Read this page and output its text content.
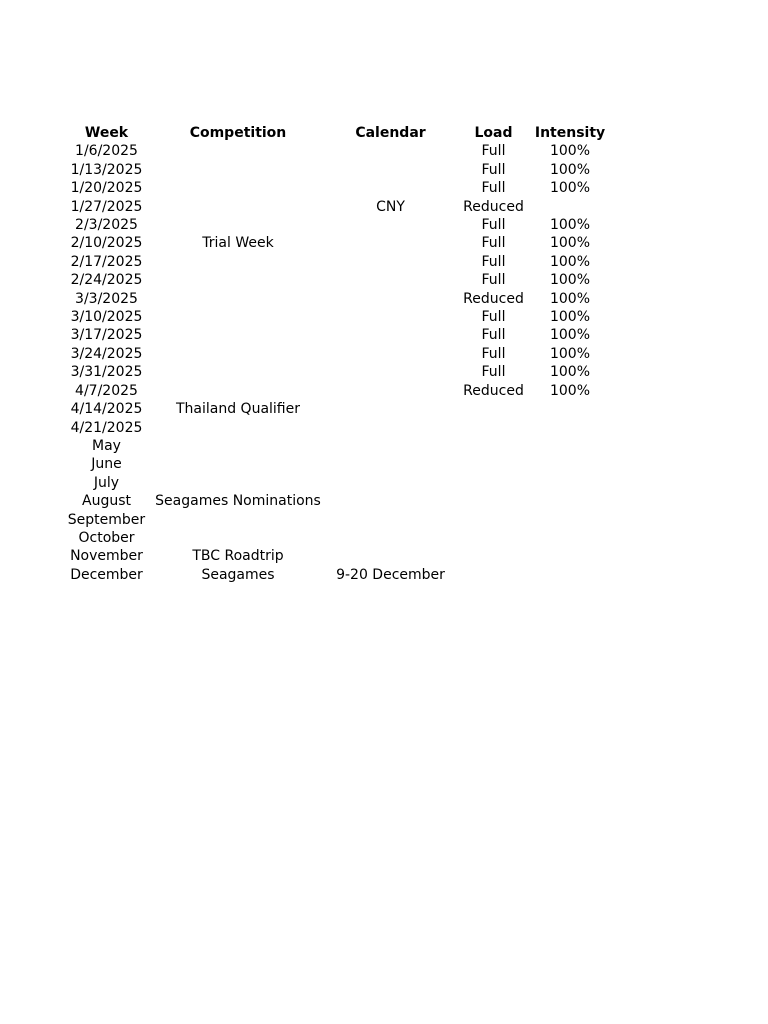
Week	Competition	Calendar	Load	Intensity
1/6/2025			Full	100%
1/13/2025			Full	100%
1/20/2025			Full	100%
1/27/2025		CNY	Reduced	
2/3/2025			Full	100%
2/10/2025	Trial Week		Full	100%
2/17/2025			Full	100%
2/24/2025			Full	100%
3/3/2025			Reduced	100%
3/10/2025			Full	100%
3/17/2025			Full	100%
3/24/2025			Full	100%
3/31/2025			Full	100%
4/7/2025			Reduced	100%
4/14/2025	Thailand Qualifier			
4/21/2025				
May				
June				
July				
August	Seagames Nominations			
September				
October				
November	TBC Roadtrip			
December	Seagames	9-20 December		
